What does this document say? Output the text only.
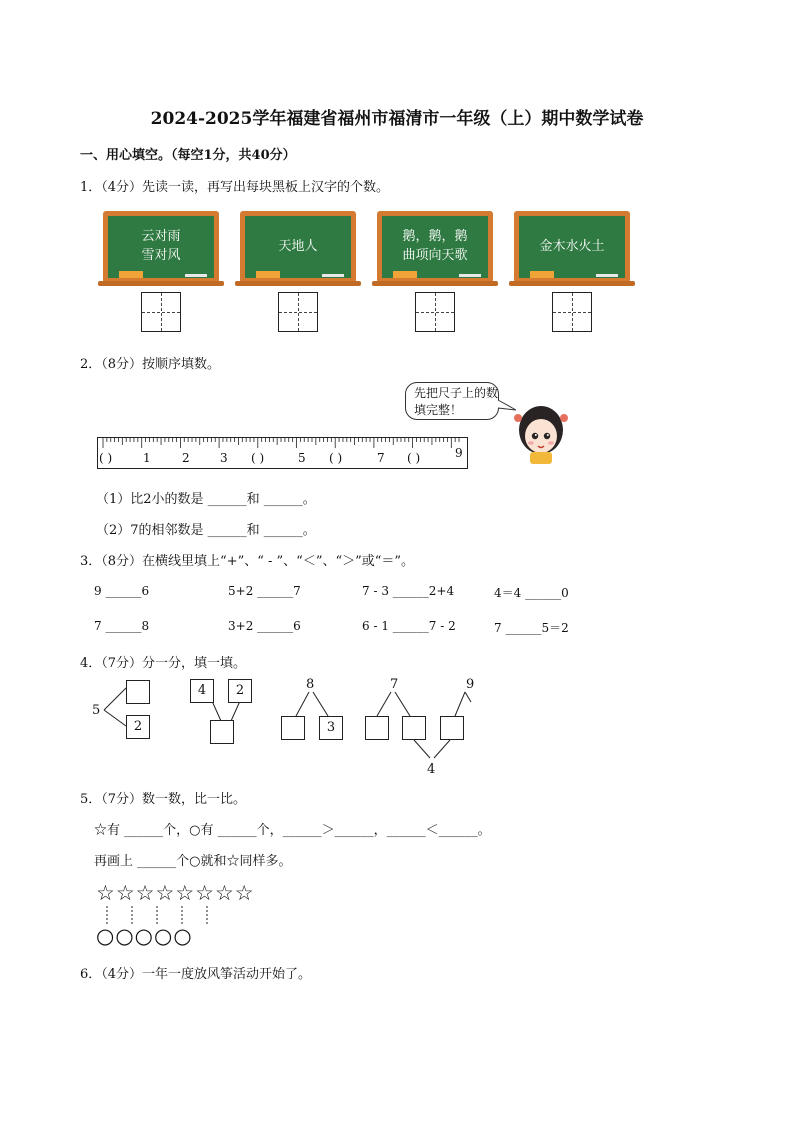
2024-2025学年福建省福州市福清市一年级（上）期中数学试卷
一、用心填空。（每空1分，共40分）
1．（4分）先读一读，再写出每块黑板上汉字的个数。
云对雨
雪对风
天地人
鹅，鹅，鹅
曲项向天歌
金木水火土
2．（8分）按顺序填数。
先把尺子上的数填完整！
( )	1	2	3 ( )	5 ( )	7 ( )	9
（1）比2小的数是 ______和 ______。
（2）7的相邻数是 ______和 ______。
3．（8分）在横线里填上“+”、“ - ”、“＜”、“＞”或“＝”。
9 ______6	5+2 ______7	7 - 3 ______2+4	4＝4 ______0
7 ______8	3+2 ______6	6 - 1 ______7 - 2	7 ______5＝2
4．（7分）分一分，填一填。
5
2
4	2	8
3
7	9
4
5．（7分）数一数，比一比。
☆有 ______个，○有 ______个，______＞______，______＜______。
再画上 ______个○就和☆同样多。
☆☆☆☆☆☆☆☆
○○○○○
6．（4分）一年一度放风筝活动开始了。
